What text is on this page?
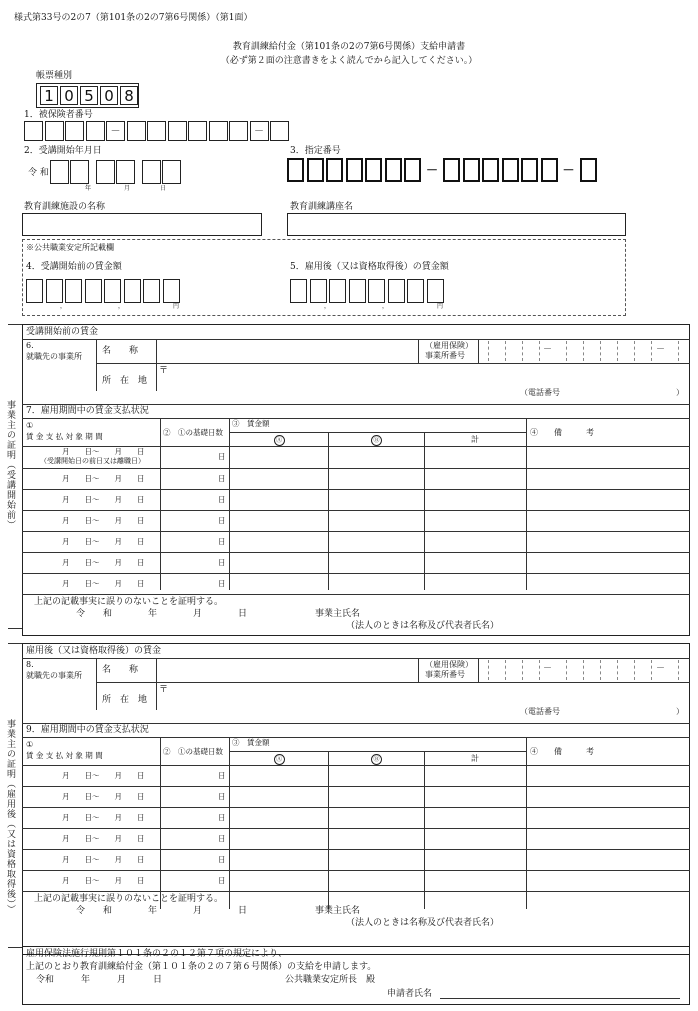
様式第33号の2の7（第101条の2の7第6号関係）（第1面）
教育訓練給付金（第101条の2の7第6号関係）支給申請書
（必ず第２面の注意書きをよく読んでから記入してください。）
帳票種別
1 0 5 0 8
1．被保険者番号
－	－
2．受講開始年月日
令 和
年	月	日
3．指定番号
－	－
教育訓練施設の名称	教育訓練講座名
※公共職業安定所記載欄
4．受講開始前の賃金額	5．雇用後（又は資格取得後）の賃金額
，	，	円	，	，	円
事業主の証明（受講開始前）
受講開始前の賃金
6.
就職先の事業所
名　　称
（雇用保険）
事業所番号
－	－
所　在　地
〒
（電話番号	）
7．雇用期間中の賃金支払状況
①
賃 金 支 払 対 象 期 間	②　①の基礎日数
③　賃金額
Ⓐ	Ⓑ	計
④　　備　　　考
月　　日～　　月　　日
（受講開始日の前日又は離職日）	日
月　　日～　　月　　日	日
月　　日～　　月　　日	日
月　　日～　　月　　日	日
月　　日～　　月　　日	日
月　　日～　　月　　日	日
月　　日～　　月　　日	日
上記の記載事実に誤りのないことを証明する。
令　　和　　　　年　　　　月　　　　日	事業主氏名
（法人のときは名称及び代表者氏名）
事業主の証明（雇用後（又は資格取得後））
雇用後（又は資格取得後）の賃金
8.
就職先の事業所
名　　称
（雇用保険）
事業所番号
－	－
所　在　地
〒
（電話番号	）
9．雇用期間中の賃金支払状況
①
賃 金 支 払 対 象 期 間	②　①の基礎日数
③　賃金額
Ⓐ	Ⓑ	計
④　　備　　　考
月　　日～　　月　　日	日
月　　日～　　月　　日	日
月　　日～　　月　　日	日
月　　日～　　月　　日	日
月　　日～　　月　　日	日
月　　日～　　月　　日	日
上記の記載事実に誤りのないことを証明する。
令　　和　　　　年　　　　月　　　　日	事業主氏名
（法人のときは名称及び代表者氏名）
雇用保険法施行規則第１０１条の２の１２第７項の規定により、
上記のとおり教育訓練給付金（第１０１条の２の７第６号関係）の支給を申請します。
令和　　　年　　　月　　　日	公共職業安定所長　殿
申請者氏名
